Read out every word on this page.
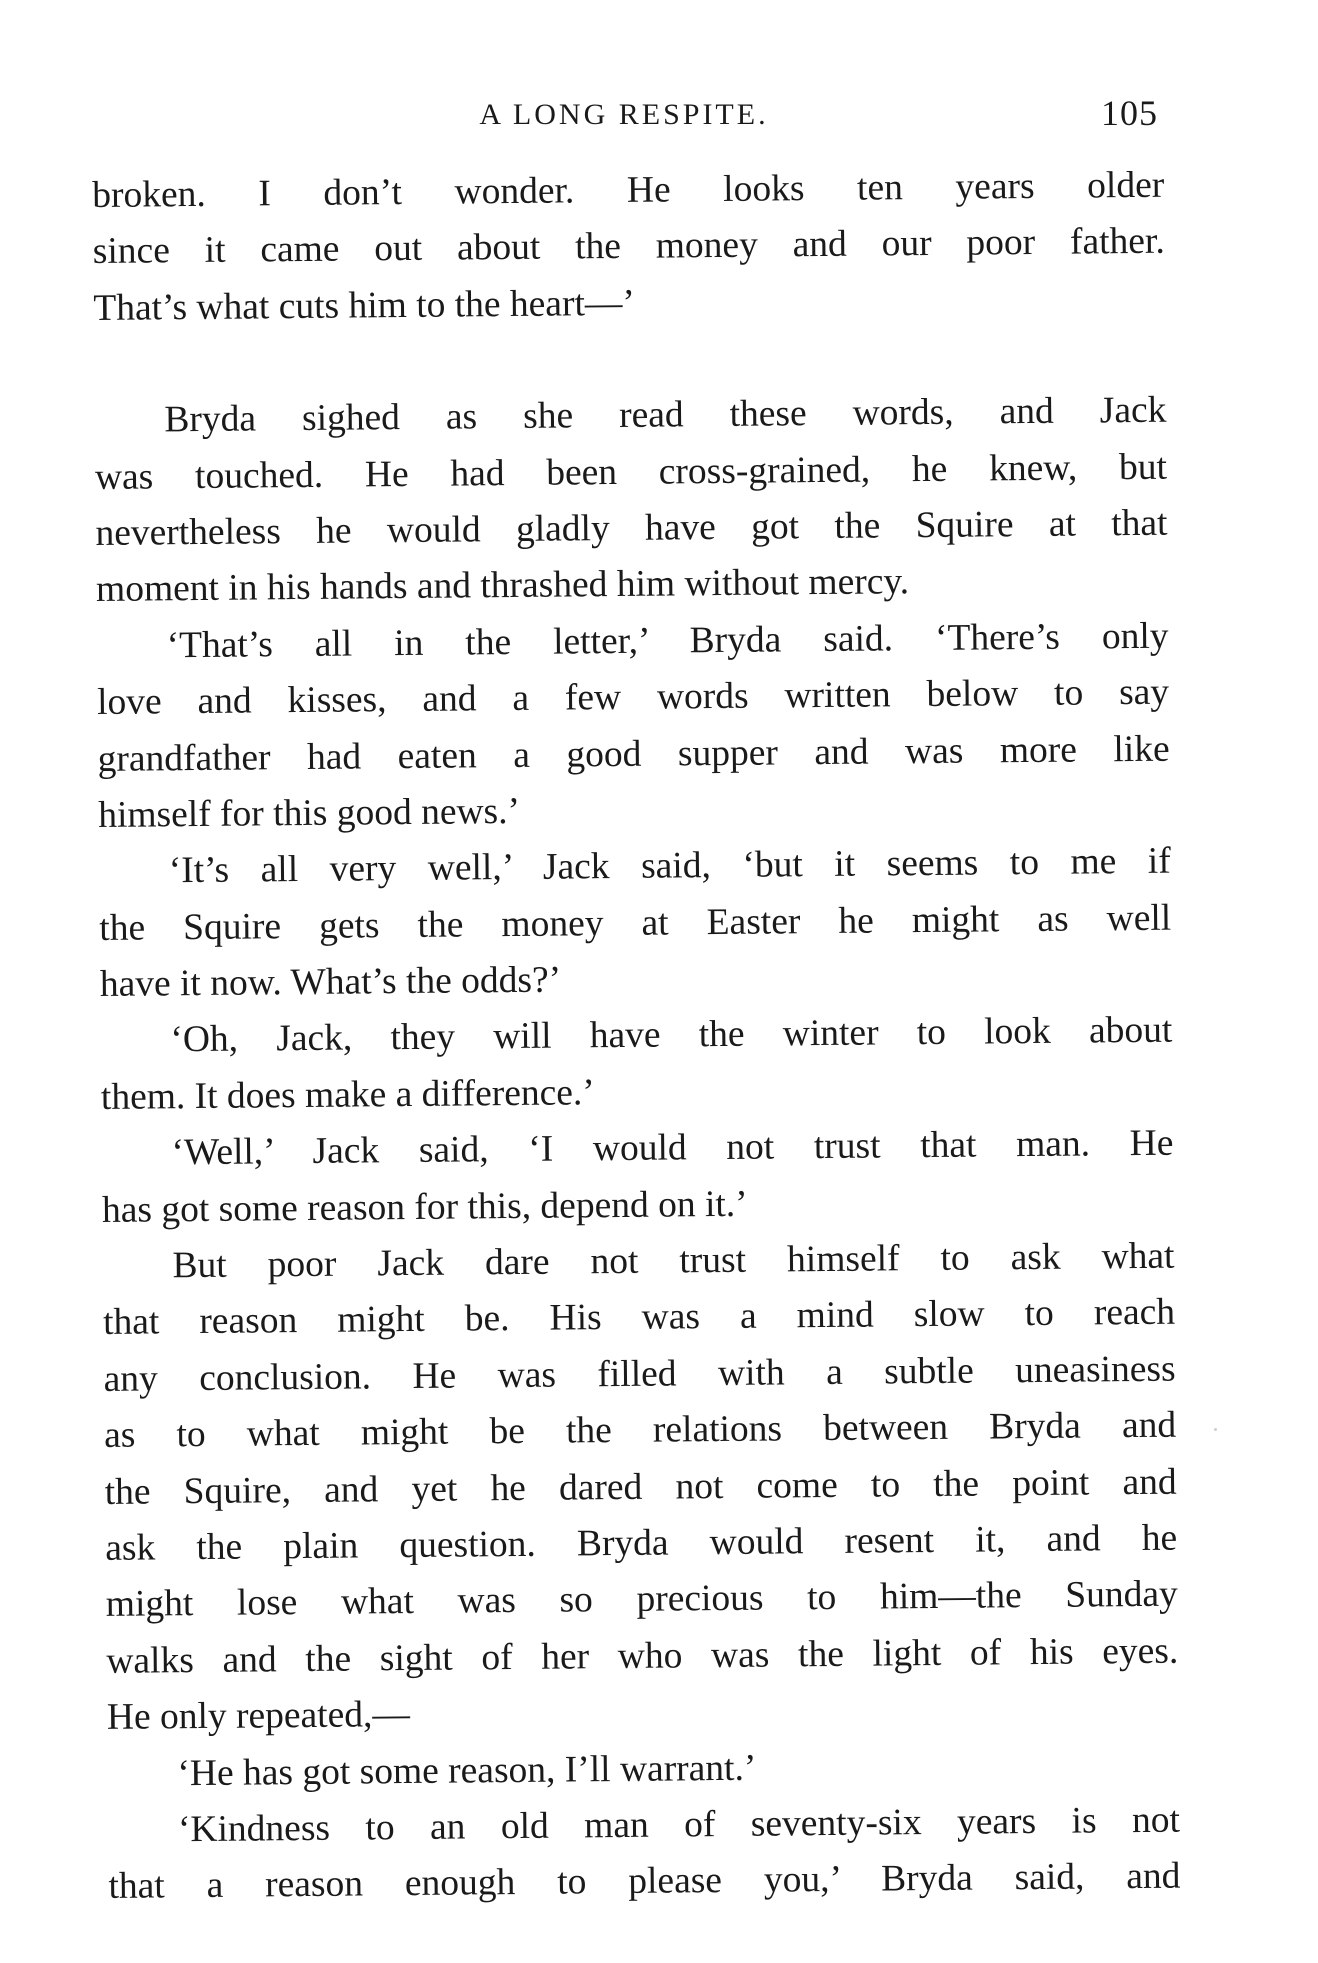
A LONG RESPITE.	105
broken. I don’t wonder. He looks ten years older
since it came out about the money and our poor father.
That’s what cuts him to the heart—’
Bryda sighed as she read these words, and Jack
was touched. He had been cross-grained, he knew, but
nevertheless he would gladly have got the Squire at that
moment in his hands and thrashed him without mercy.
‘That’s all in the letter,’ Bryda said. ‘There’s only
love and kisses, and a few words written below to say
grandfather had eaten a good supper and was more like
himself for this good news.’
‘It’s all very well,’ Jack said, ‘but it seems to me if
the Squire gets the money at Easter he might as well
have it now. What’s the odds?’
‘Oh, Jack, they will have the winter to look about
them. It does make a difference.’
‘Well,’ Jack said, ‘I would not trust that man. He
has got some reason for this, depend on it.’
But poor Jack dare not trust himself to ask what
that reason might be. His was a mind slow to reach
any conclusion. He was filled with a subtle uneasiness
as to what might be the relations between Bryda and
the Squire, and yet he dared not come to the point and
ask the plain question. Bryda would resent it, and he
might lose what was so precious to him—the Sunday
walks and the sight of her who was the light of his eyes.
He only repeated,—
‘He has got some reason, I’ll warrant.’
‘Kindness to an old man of seventy-six years is not
that a reason enough to please you,’ Bryda said, and
